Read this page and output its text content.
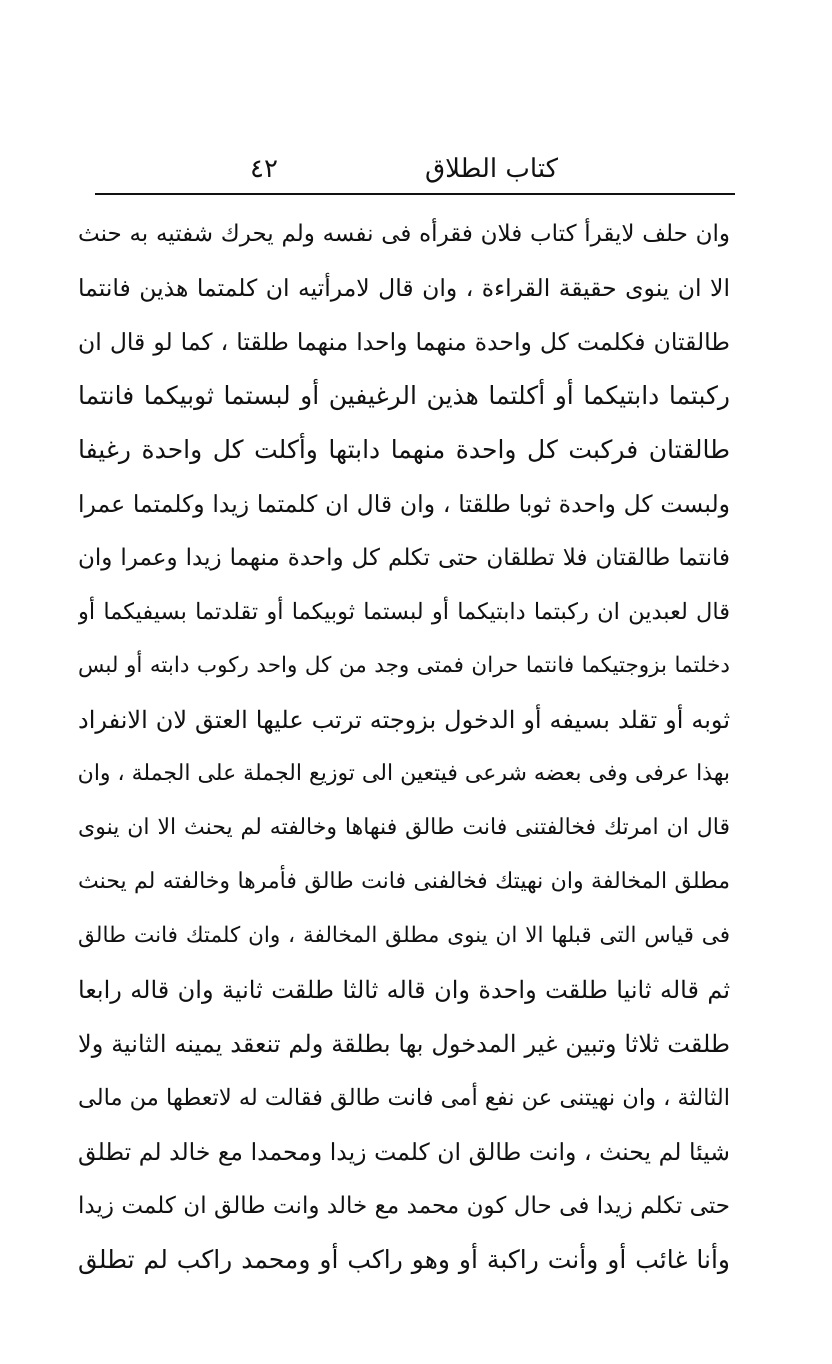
٤٢	كتاب الطلاق
وان حلف لايقرأ كتاب فلان فقرأه فى نفسه ولم يحرك شفتيه به حنث
الا ان ينوى حقيقة القراءة ، وان قال لامرأتيه ان كلمتما هذين فانتما
طالقتان فكلمت كل واحدة منهما واحدا منهما طلقتا ، كما لو قال ان
ركبتما دابتيكما أو أكلتما هذين الرغيفين أو لبستما ثوبيكما فانتما
طالقتان فركبت كل واحدة منهما دابتها وأكلت كل واحدة رغيفا
ولبست كل واحدة ثوبا طلقتا ، وان قال ان كلمتما زيدا وكلمتما عمرا
فانتما طالقتان فلا تطلقان حتى تكلم كل واحدة منهما زيدا وعمرا وان
قال لعبدين ان ركبتما دابتيكما أو لبستما ثوبيكما أو تقلدتما بسيفيكما أو
دخلتما بزوجتيكما فانتما حران فمتى وجد من كل واحد ركوب دابته أو لبس
ثوبه أو تقلد بسيفه أو الدخول بزوجته ترتب عليها العتق لان الانفراد
بهذا عرفى وفى بعضه شرعى فيتعين الى توزيع الجملة على الجملة ، وان
قال ان امرتك فخالفتنى فانت طالق فنهاها وخالفته لم يحنث الا ان ينوى
مطلق المخالفة وان نهيتك فخالفنى فانت طالق فأمرها وخالفته لم يحنث
فى قياس التى قبلها الا ان ينوى مطلق المخالفة ، وان كلمتك فانت طالق
ثم قاله ثانيا طلقت واحدة وان قاله ثالثا طلقت ثانية وان قاله رابعا
طلقت ثلاثا وتبين غير المدخول بها بطلقة ولم تنعقد يمينه الثانية ولا
الثالثة ، وان نهيتنى عن نفع أمى فانت طالق فقالت له لاتعطها من مالى
شيئا لم يحنث ، وانت طالق ان كلمت زيدا ومحمدا مع خالد لم تطلق
حتى تكلم زيدا فى حال كون محمد مع خالد وانت طالق ان كلمت زيدا
وأنا غائب أو وأنت راكبة أو وهو راكب أو ومحمد راكب لم تطلق
